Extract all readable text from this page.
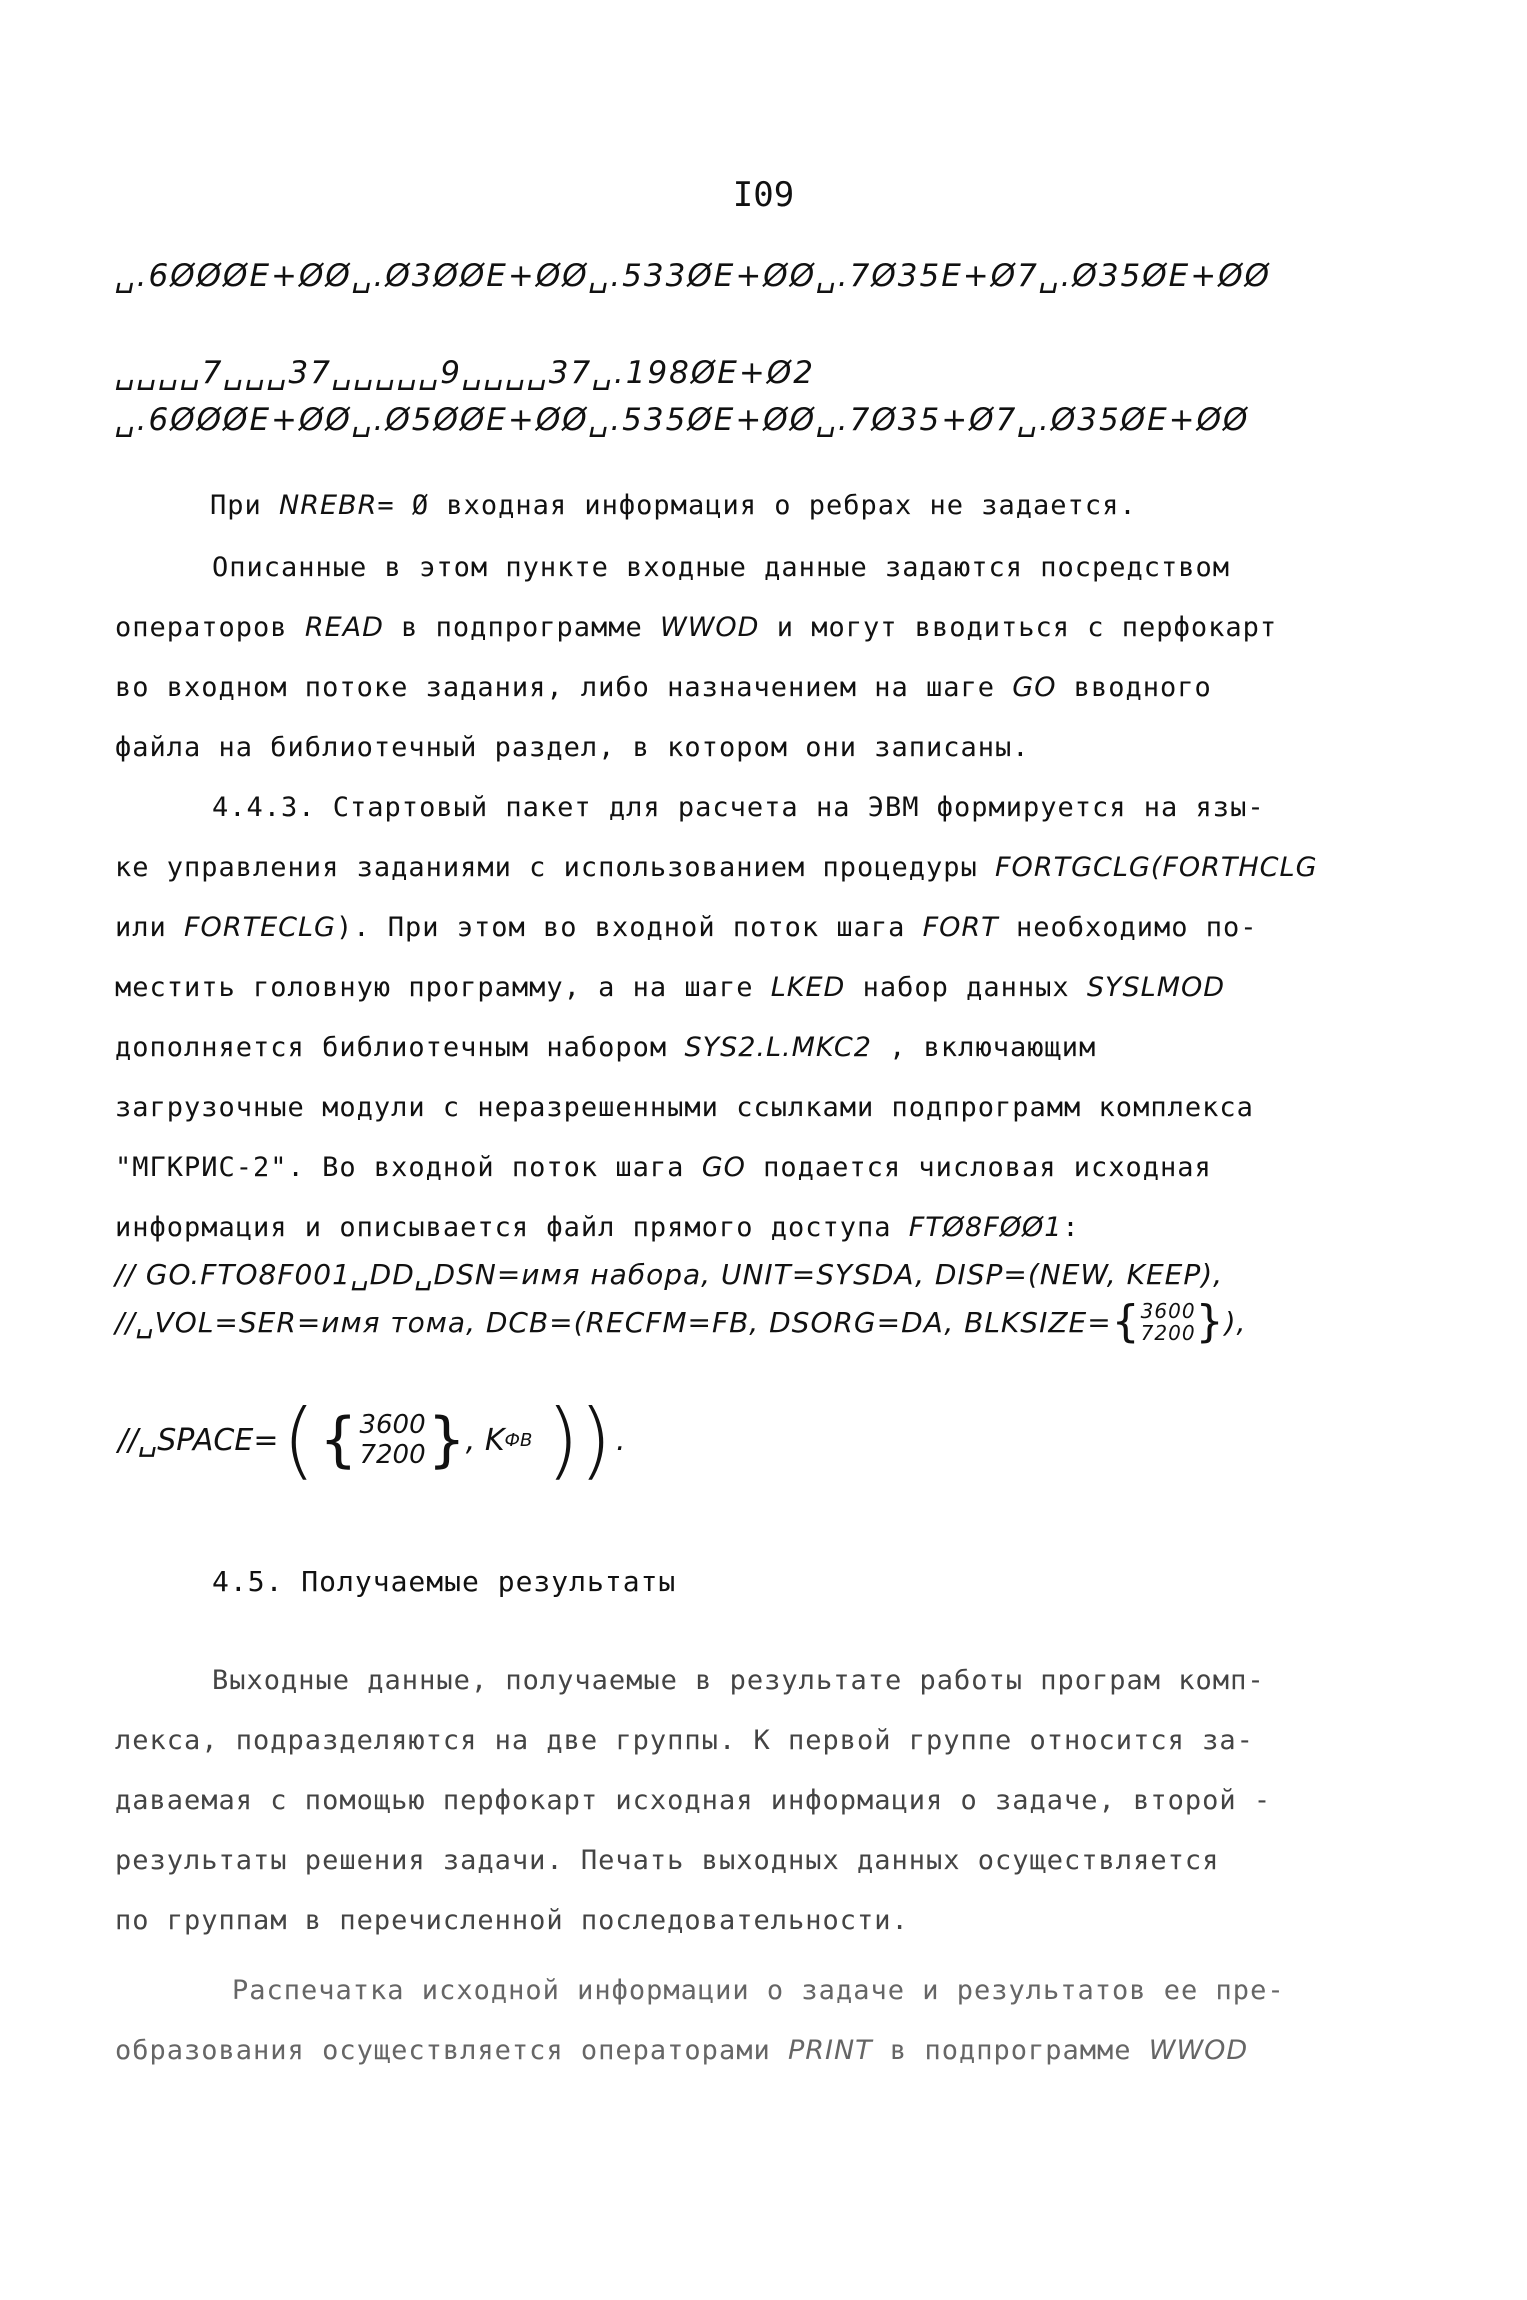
I09
␣.6ØØØE+ØØ␣.Ø3ØØE+ØØ␣.533ØE+ØØ␣.7Ø35E+Ø7␣.Ø35ØE+ØØ
␣␣␣␣7␣␣␣37␣␣␣␣␣9␣␣␣␣37␣.198ØE+Ø2
␣.6ØØØE+ØØ␣.Ø5ØØE+ØØ␣.535ØE+ØØ␣.7Ø35+Ø7␣.Ø35ØE+ØØ
При NREBR= Ø входная информация о ребрах не задается.
Описанные в этом пункте входные данные задаются посредством
операторов READ в подпрограмме WWOD и могут вводиться с перфокарт
во входном потоке задания, либо назначением на шаге GO вводного
файла на библиотечный раздел, в котором они записаны.
4.4.3. Стартовый пакет для расчета на ЭВМ формируется на язы-
ке управления заданиями с использованием процедуры FORTGCLG(FORTHCLG
или FORTECLG). При этом во входной поток шага FORT необходимо по-
местить головную программу, а на шаге LKED набор данных SYSLMOD
дополняется библиотечным набором SYS2.L.MKC2 , включающим
загрузочные модули с неразрешенными ссылками подпрограмм комплекса
"МГКРИС-2". Во входной поток шага GO подается числовая исходная
информация и описывается файл прямого доступа FTØ8FØØ1:
// GO.FTO8F001␣DD␣DSN=имя набора, UNIT=SYSDA, DISP=(NEW, KEEP),
//␣VOL=SER=имя тома, DCB=(RECFM=FB, DSORG=DA, BLKSIZE= { 3600
7200 } ),
//␣SPACE= ( { 3600
7200 } , K ФВ )) .
4.5. Получаемые результаты
Выходные данные, получаемые в результате работы програм комп-
лекса, подразделяются на две группы. К первой группе относится за-
даваемая с помощью перфокарт исходная информация о задаче, второй -
результаты решения задачи. Печать выходных данных осуществляется
по группам в перечисленной последовательности.
Распечатка исходной информации о задаче и результатов ее пре-
образования осуществляется операторами PRINT в подпрограмме WWOD
